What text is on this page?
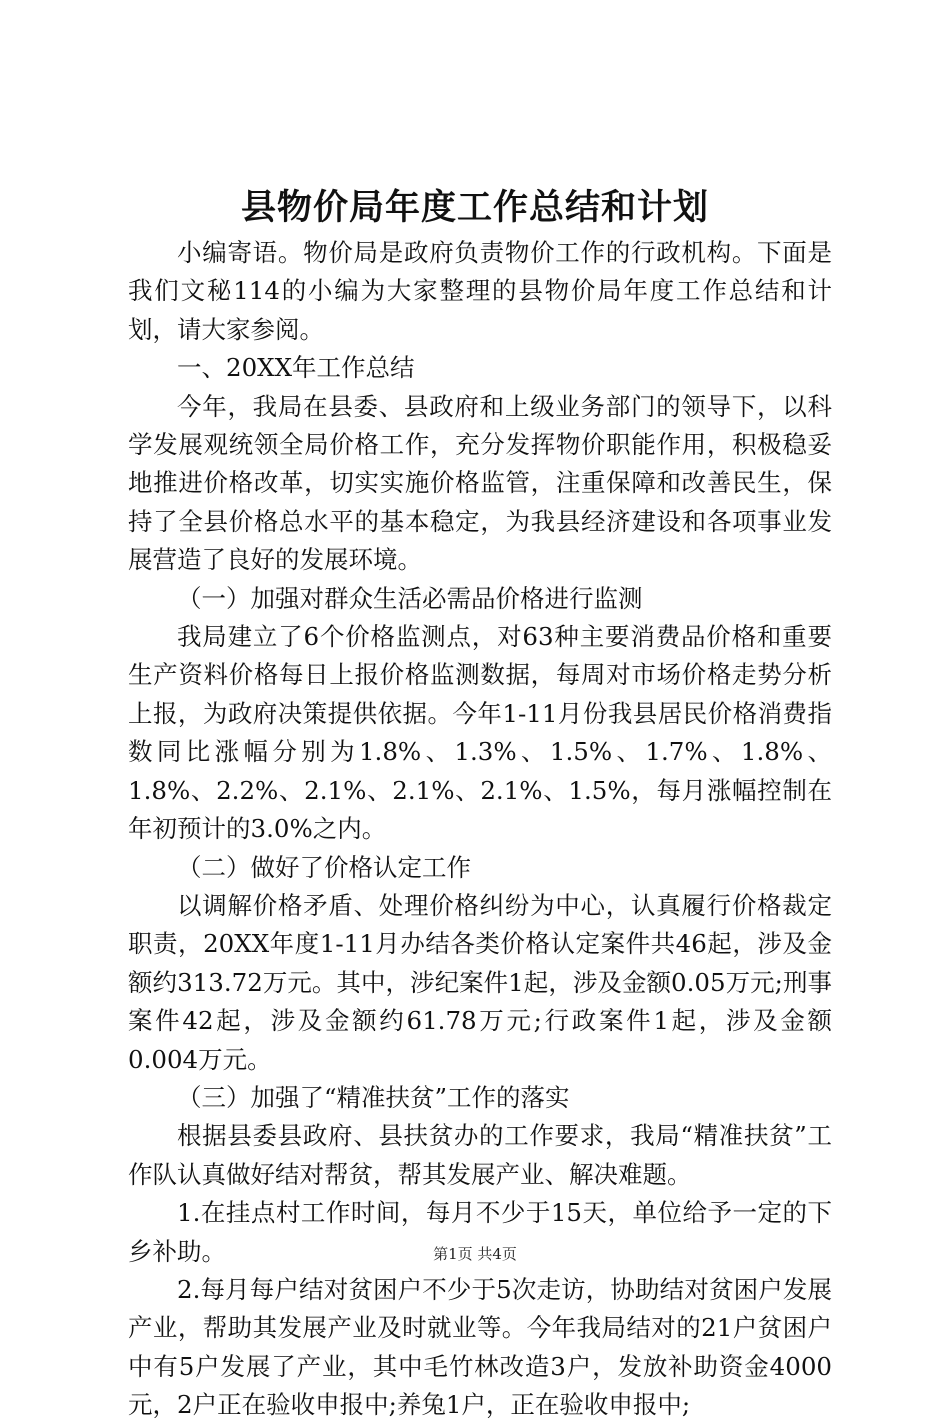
县物价局年度工作总结和计划

小编寄语。物价局是政府负责物价工作的行政机构。下面是我们文秘114的小编为大家整理的县物价局年度工作总结和计划，请大家参阅。

一、20XX年工作总结

今年，我局在县委、县政府和上级业务部门的领导下，以科学发展观统领全局价格工作，充分发挥物价职能作用，积极稳妥地推进价格改革，切实实施价格监管，注重保障和改善民生，保持了全县价格总水平的基本稳定，为我县经济建设和各项事业发展营造了良好的发展环境。

（一）加强对群众生活必需品价格进行监测

我局建立了6个价格监测点，对63种主要消费品价格和重要生产资料价格每日上报价格监测数据，每周对市场价格走势分析上报，为政府决策提供依据。今年1-11月份我县居民价格消费指数同比涨幅分别为1.8%、1.3%、1.5%、1.7%、1.8%、1.8%、2.2%、2.1%、2.1%、2.1%、1.5%，每月涨幅控制在年初预计的3.0%之内。

（二）做好了价格认定工作

以调解价格矛盾、处理价格纠纷为中心，认真履行价格裁定职责，20XX年度1-11月办结各类价格认定案件共46起，涉及金额约313.72万元。其中，涉纪案件1起，涉及金额0.05万元;刑事案件42起，涉及金额约61.78万元;行政案件1起，涉及金额0.004万元。

（三）加强了“精准扶贫”工作的落实

根据县委县政府、县扶贫办的工作要求，我局“精准扶贫”工作队认真做好结对帮贫，帮其发展产业、解决难题。

1.在挂点村工作时间，每月不少于15天，单位给予一定的下乡补助。

2.每月每户结对贫困户不少于5次走访，协助结对贫困户发展产业，帮助其发展产业及时就业等。今年我局结对的21户贫困户中有5户发展了产业，其中毛竹林改造3户，发放补助资金4000元，2户正在验收申报中;养兔1户，正在验收申报中;

第1页 共4页
